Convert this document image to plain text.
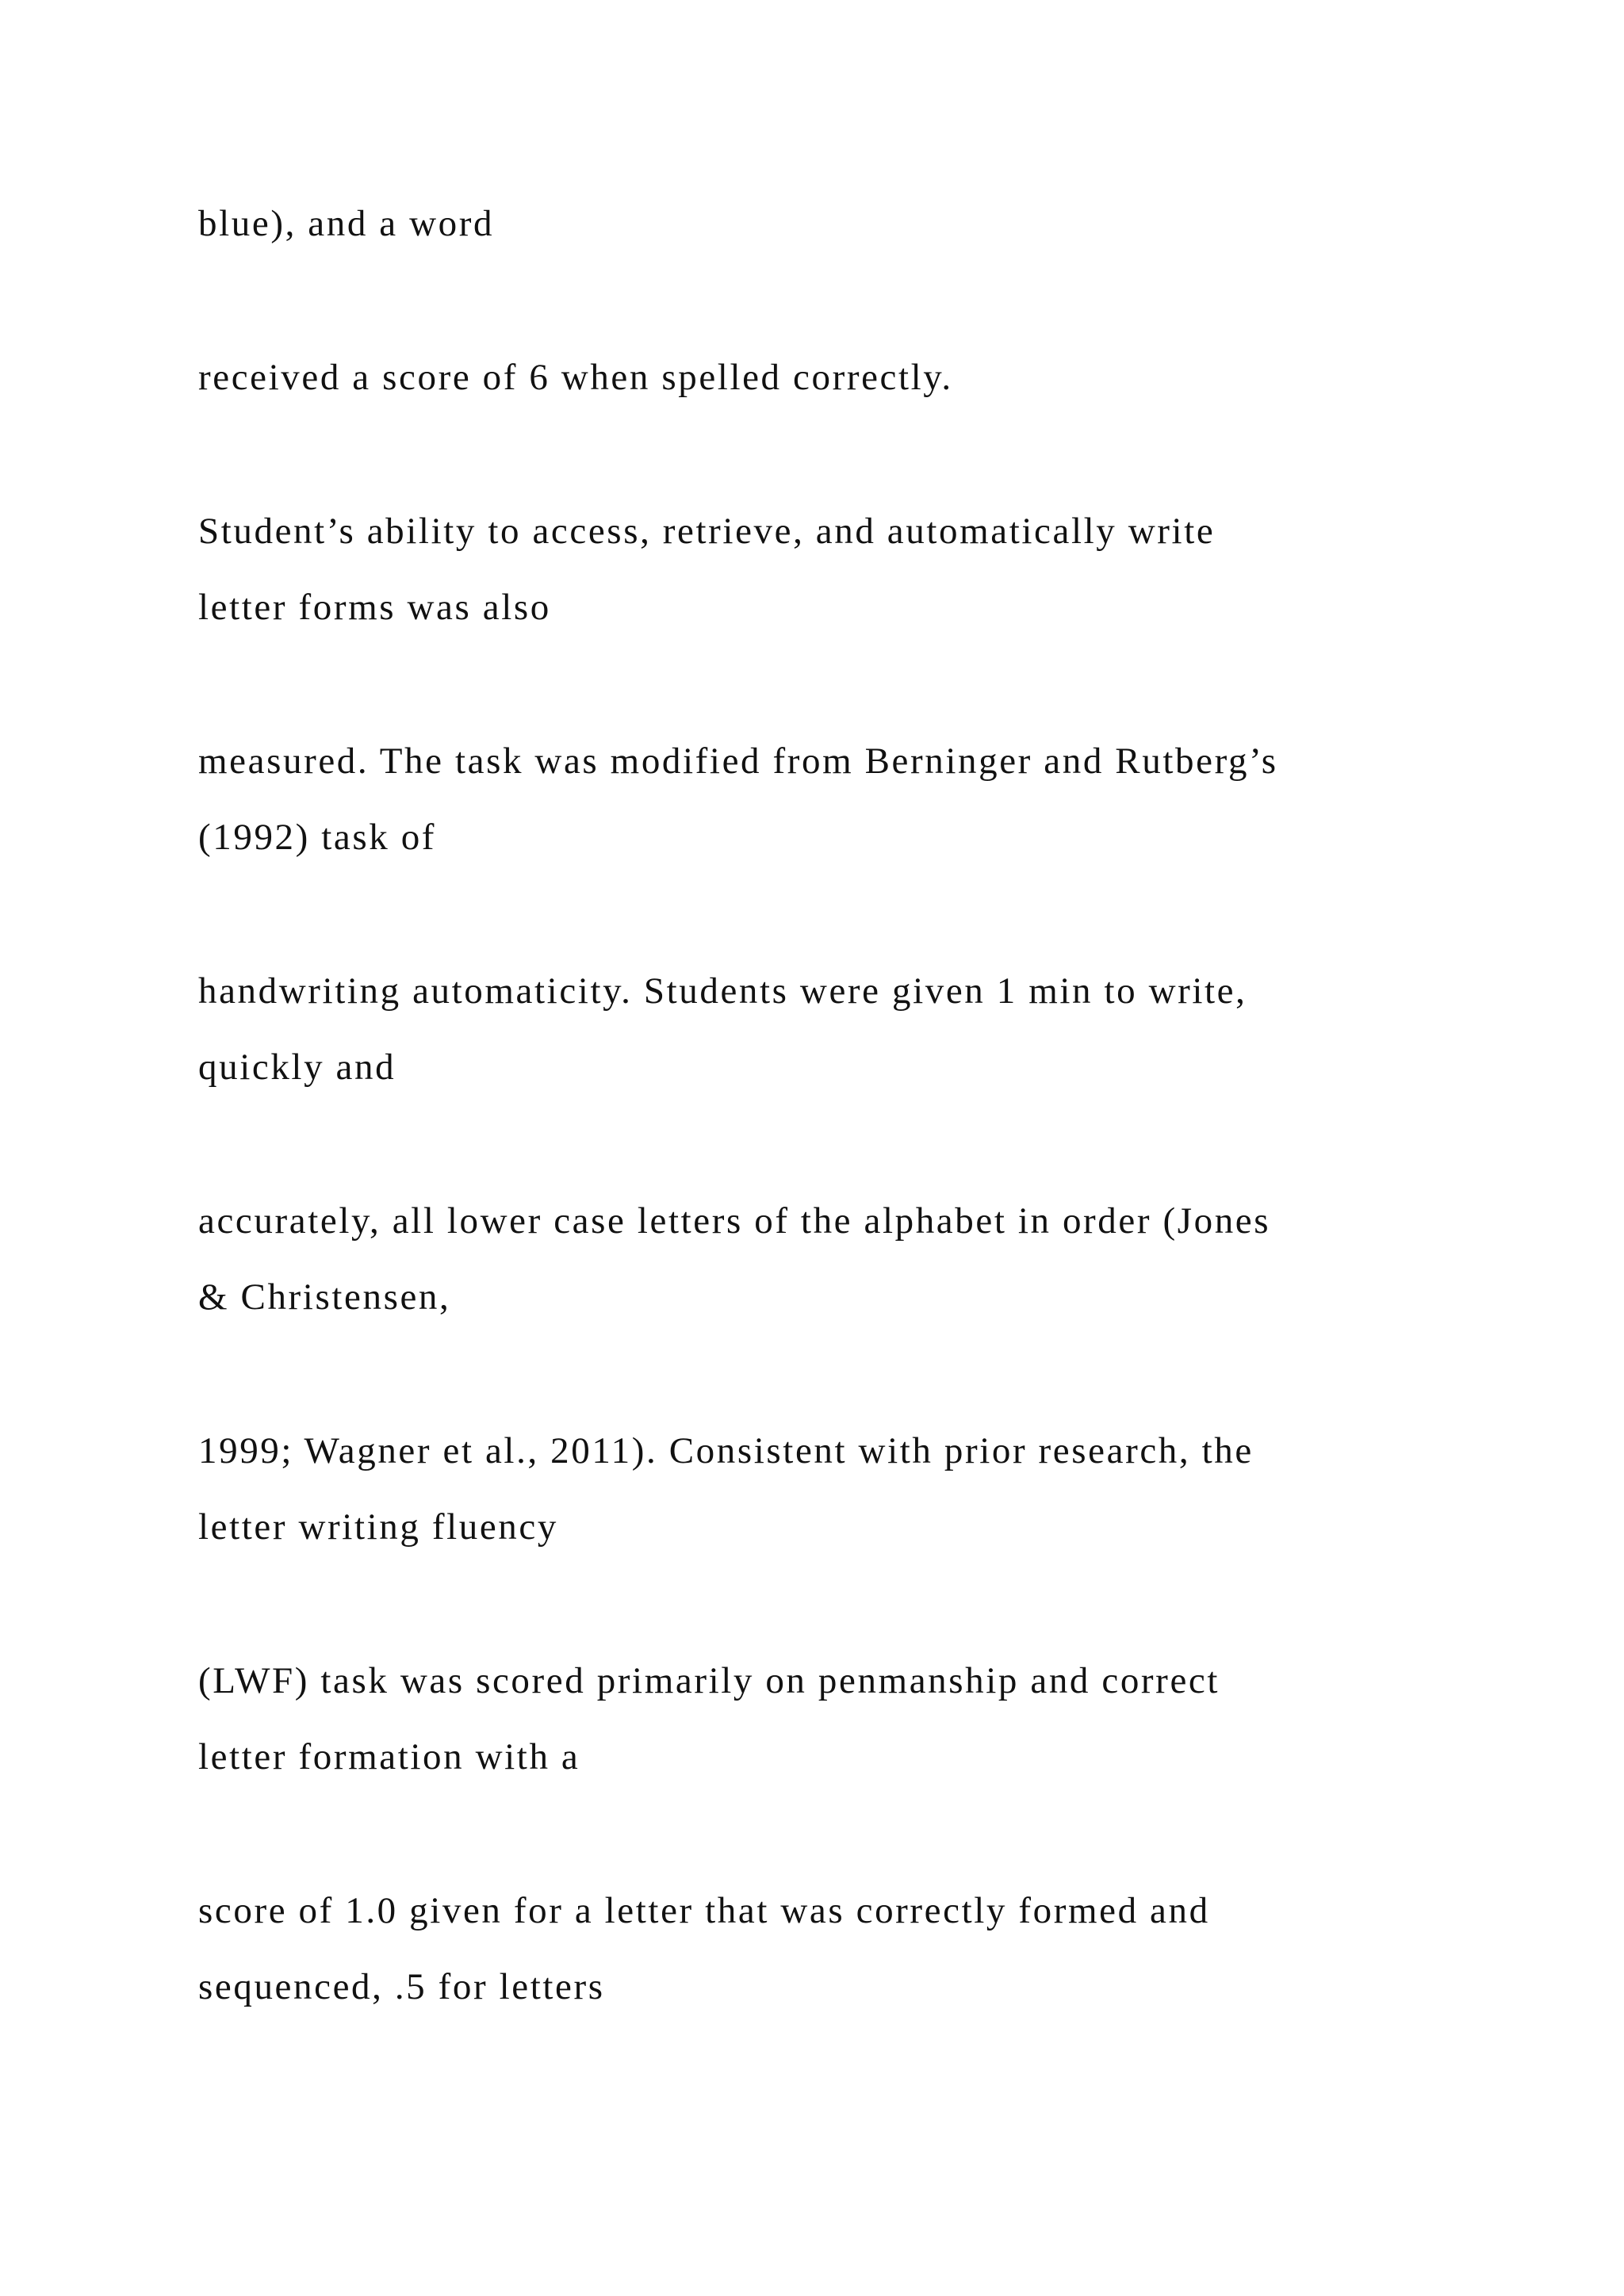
blue), and a word

received a score of 6 when spelled correctly.

Student’s ability to access, retrieve, and automatically write

letter forms was also

measured. The task was modified from Berninger and Rutberg’s

(1992) task of

handwriting automaticity. Students were given 1 min to write,

quickly and

accurately, all lower case letters of the alphabet in order (Jones

& Christensen,

1999; Wagner et al., 2011). Consistent with prior research, the

letter writing fluency

(LWF) task was scored primarily on penmanship and correct

letter formation with a

score of 1.0 given for a letter that was correctly formed and

sequenced, .5 for letters
